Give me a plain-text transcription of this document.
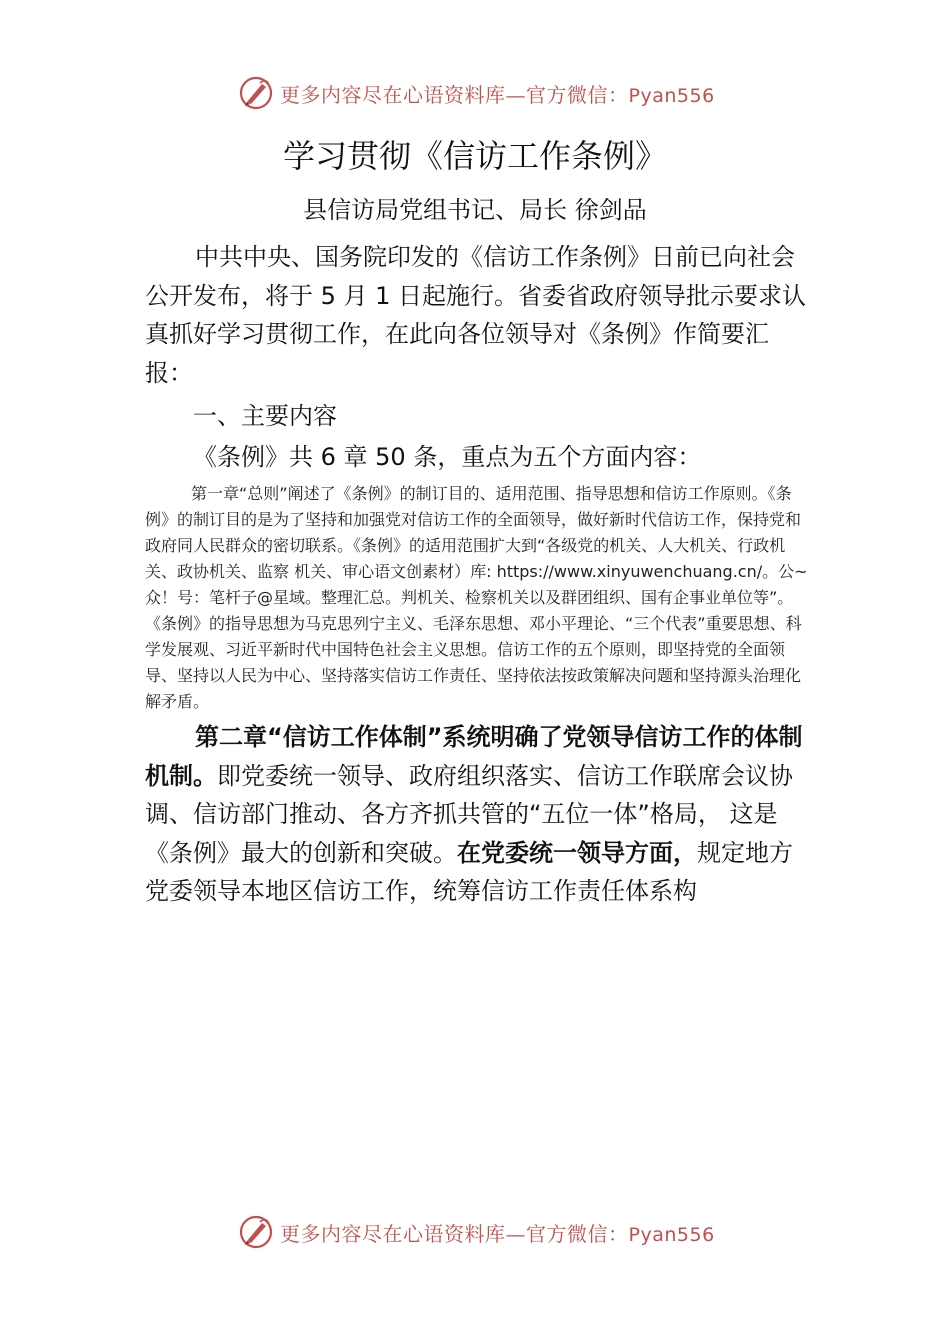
更多内容尽在心语资料库—官方微信：Pyan556
学习贯彻《信访工作条例》
县信访局党组书记、局长 徐剑品

中共中央、国务院印发的《信访工作条例》日前已向社会公开发布，将于 5 月 1 日起施行。省委省政府领导批示要求认真抓好学习贯彻工作，在此向各位领导对《条例》作简要汇报：

一、主要内容

《条例》共 6 章 50 条，重点为五个方面内容：

第一章“总则”阐述了《条例》的制订目的、适用范围、指导思想和信访工作原则。《条例》的制订目的是为了坚持和加强党对信访工作的全面领导，做好新时代信访工作，保持党和政府同人民群众的密切联系。《条例》的适用范围扩大到“各级党的机关、人大机关、行政机关、政协机关、监察 机关、审心语文创素材）库: https://www.xinyuwenchuang.cn/。公~众！号：笔杆子@星域。整理汇总。判机关、检察机关以及群团组织、国有企事业单位等”。《条例》的指导思想为马克思列宁主义、毛泽东思想、邓小平理论、“三个代表”重要思想、科学发展观、习近平新时代中国特色社会主义思想。信访工作的五个原则，即坚持党的全面领导、坚持以人民为中心、坚持落实信访工作责任、坚持依法按政策解决问题和坚持源头治理化解矛盾。

第二章“信访工作体制”系统明确了党领导信访工作的体制机制。即党委统一领导、政府组织落实、信访工作联席会议协调、信访部门推动、各方齐抓共管的“五位一体”格局， 这是《条例》最大的创新和突破。在党委统一领导方面，规定地方党委领导本地区信访工作，统筹信访工作责任体系构

更多内容尽在心语资料库—官方微信：Pyan556
